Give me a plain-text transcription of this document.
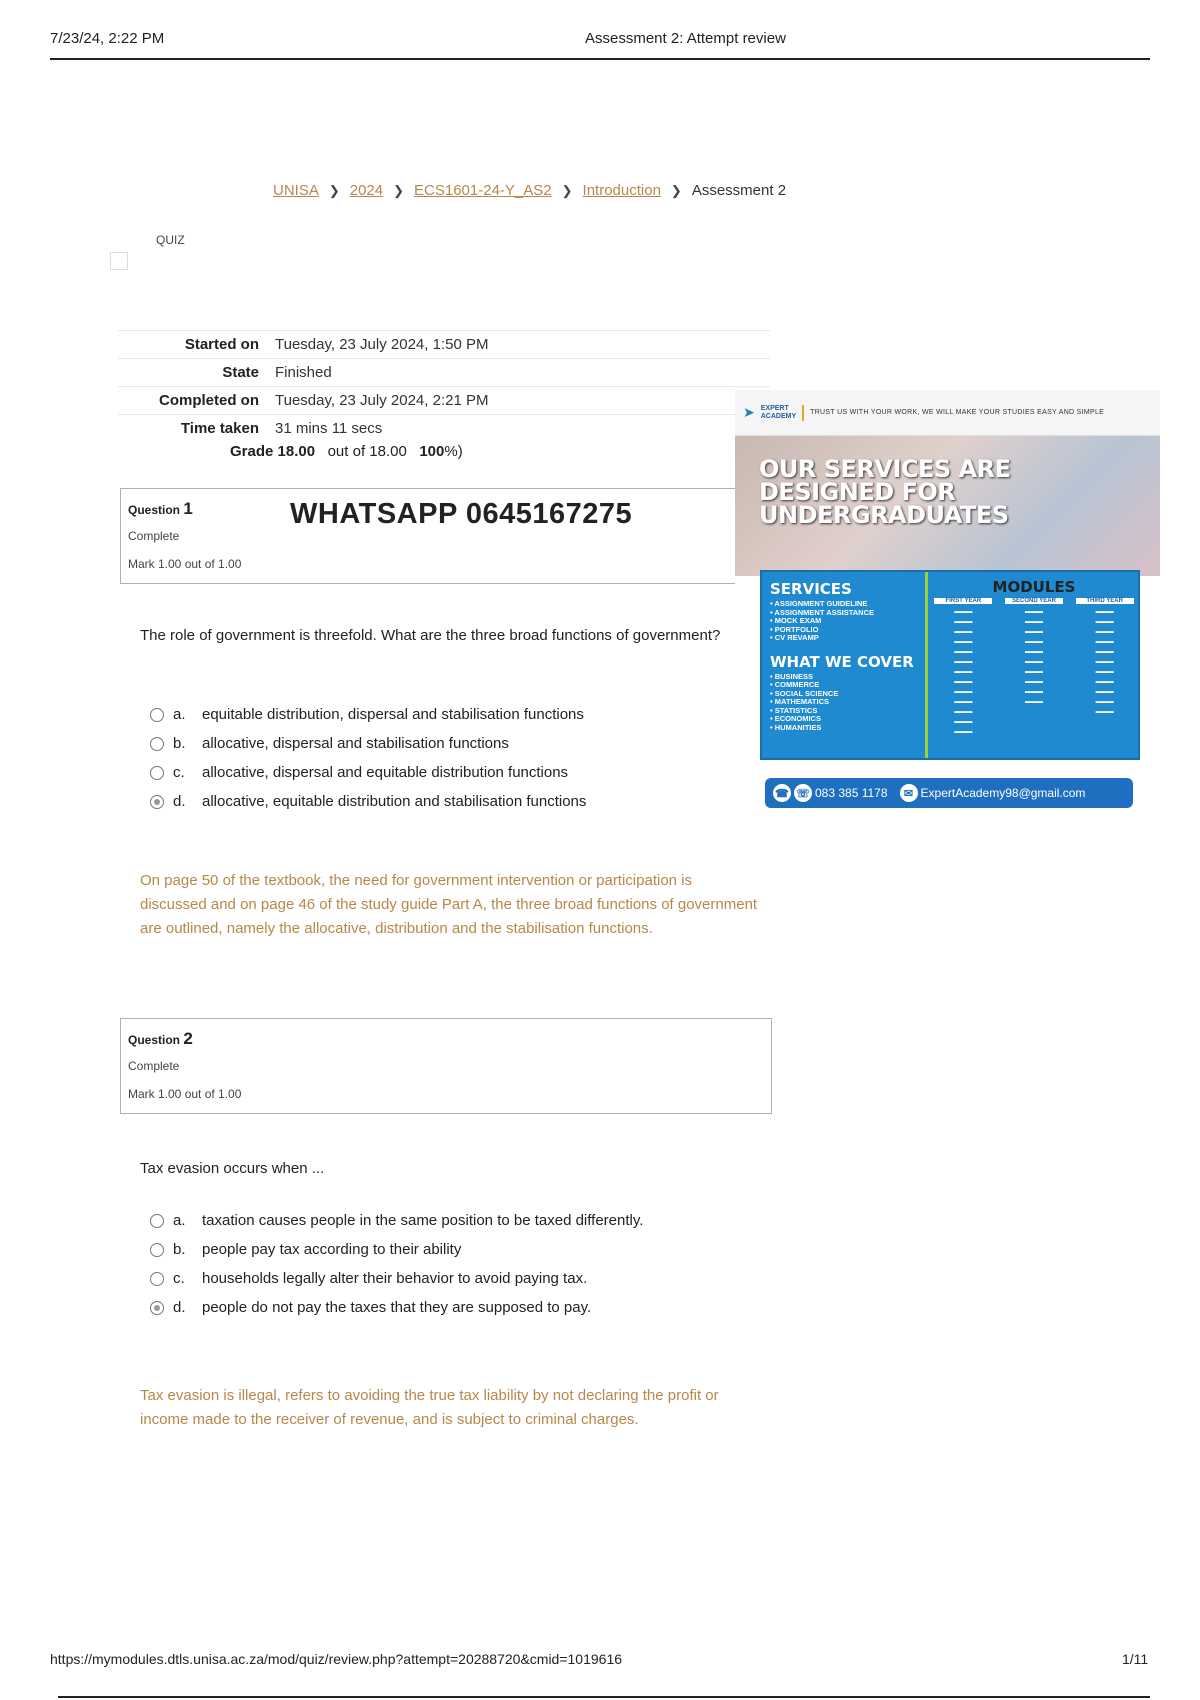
7/23/24, 2:22 PM	Assessment 2: Attempt review
UNISA ❯ 2024 ❯ ECS1601-24-Y_AS2 ❯ Introduction ❯ Assessment 2
QUIZ
Started on	Tuesday, 23 July 2024, 1:50 PM
State	Finished
Completed on	Tuesday, 23 July 2024, 2:21 PM
Time taken	31 mins 11 secs
Grade 18.00 out of 18.00 100%)
Question 1
Complete
Mark 1.00 out of 1.00
WHATSAPP 0645167275
The role of government is threefold. What are the three broad functions of government?
a.	equitable distribution, dispersal and stabilisation functions
b.	allocative, dispersal and stabilisation functions
c.	allocative, dispersal and equitable distribution functions
d.	allocative, equitable distribution and stabilisation functions
On page 50 of the textbook, the need for government intervention or participation is discussed and on page 46 of the study guide Part A, the three broad functions of government are outlined, namely the allocative, distribution and the stabilisation functions.
Question 2
Complete
Mark 1.00 out of 1.00
Tax evasion occurs when ...
a.	taxation causes people in the same position to be taxed differently.
b.	people pay tax according to their ability
c.	households legally alter their behavior to avoid paying tax.
d.	people do not pay the taxes that they are supposed to pay.
Tax evasion is illegal, refers to avoiding the true tax liability by not declaring the profit or income made to the receiver of revenue, and is subject to criminal charges.
➤ EXPERT
ACADEMY	TRUST US WITH YOUR WORK, WE WILL MAKE YOUR STUDIES EASY AND SIMPLE
OUR SERVICES ARE
DESIGNED FOR
UNDERGRADUATES
SERVICES
• ASSIGNMENT GUIDELINE
• ASSIGNMENT ASSISTANCE
• MOCK EXAM
• PORTFOLIO
• CV REVAMP
WHAT WE COVER
• BUSINESS
• COMMERCE
• SOCIAL SCIENCE
• MATHEMATICS
• STATISTICS
• ECONOMICS
• HUMANITIES
MODULES
FIRST YEAR
▬▬▬
▬▬▬
▬▬▬
▬▬▬
▬▬▬
▬▬▬
▬▬▬
▬▬▬
▬▬▬
▬▬▬
▬▬▬
▬▬▬
▬▬▬
SECOND YEAR
▬▬▬
▬▬▬
▬▬▬
▬▬▬
▬▬▬
▬▬▬
▬▬▬
▬▬▬
▬▬▬
▬▬▬
THIRD YEAR
▬▬▬
▬▬▬
▬▬▬
▬▬▬
▬▬▬
▬▬▬
▬▬▬
▬▬▬
▬▬▬
▬▬▬
▬▬▬
☎ ☏ 083 385 1178	✉ ExpertAcademy98@gmail.com
https://mymodules.dtls.unisa.ac.za/mod/quiz/review.php?attempt=20288720&cmid=1019616	1/11
